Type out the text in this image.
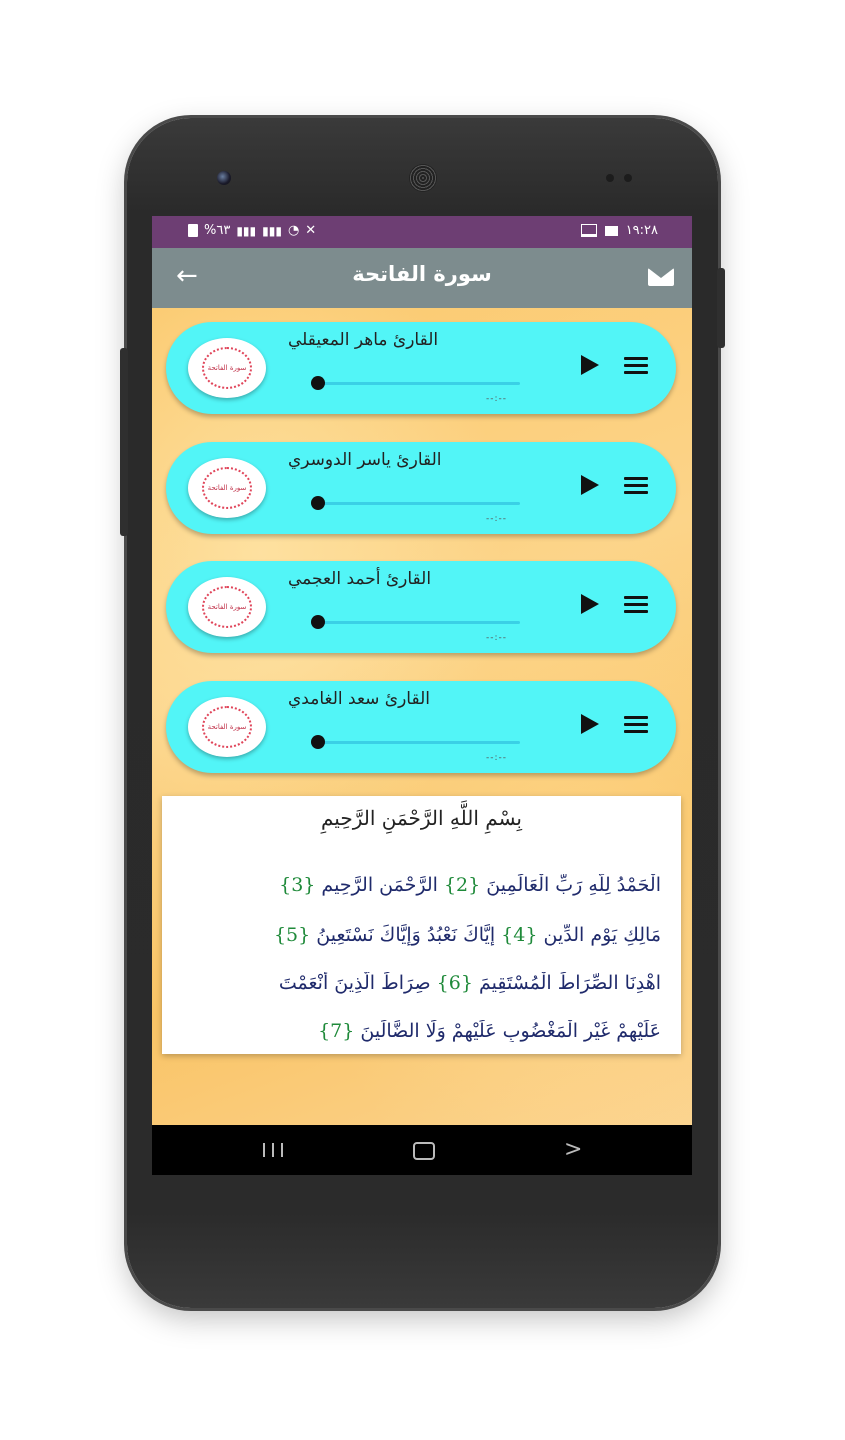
%٦٣ ▮▮▮ ▮▮▮ ◔ ✕	١٩:٢٨
←	سورة الفاتحة
سورة الفاتحة
القارئ ماهر المعيقلي
--:--
سورة الفاتحة
القارئ ياسر الدوسري
--:--
سورة الفاتحة
القارئ أحمد العجمي
--:--
سورة الفاتحة
القارئ سعد الغامدي
--:--
بِسْمِ اللَّهِ الرَّحْمَنِ الرَّحِيمِ
الْحَمْدُ لِلَّهِ رَبِّ الْعَالَمِينَ {2} الرَّحْمَنِ الرَّحِيمِ {3}
مَالِكِ يَوْمِ الدِّينِ {4} إِيَّاكَ نَعْبُدُ وَإِيَّاكَ نَسْتَعِينُ {5}
اهْدِنَا الصِّرَاطَ الْمُسْتَقِيمَ {6} صِرَاطَ الَّذِينَ أَنْعَمْتَ
عَلَيْهِمْ غَيْرِ الْمَغْضُوبِ عَلَيْهِمْ وَلَا الضَّالِّينَ {7}
>
